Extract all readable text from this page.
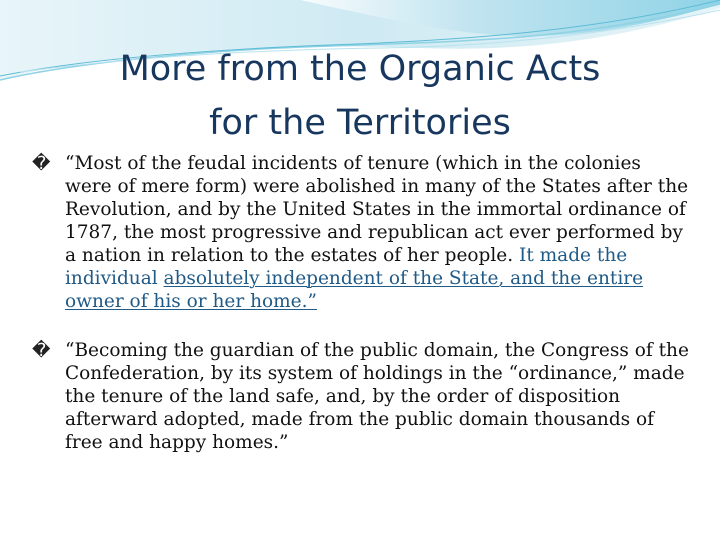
More from the Organic Acts
for the Territories

� “Most of the feudal incidents of tenure (which in the colonies were of mere form) were abolished in many of the States after the Revolution, and by the United States in the immortal ordinance of 1787, the most progressive and republican act ever performed by a nation in relation to the estates of her people. It made the individual absolutely independent of the State, and the entire owner of his or her home.”

� “Becoming the guardian of the public domain, the Congress of the Confederation, by its system of holdings in the “ordinance,” made the tenure of the land safe, and, by the order of disposition afterward adopted, made from the public domain thousands of free and happy homes.”
